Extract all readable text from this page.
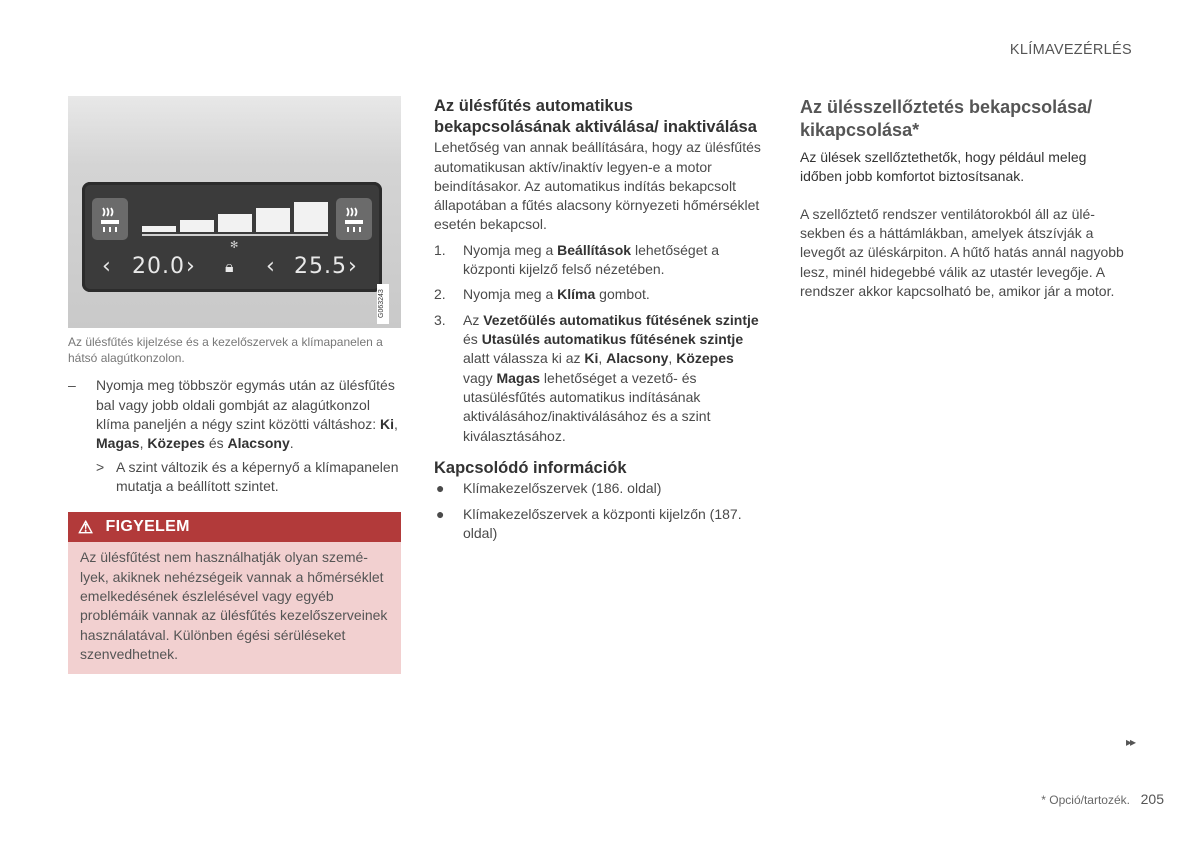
KLÍMAVEZÉRLÉS
✻
‹ 20.0 › 🔒︎ ‹ 25.5 ›
G063243
Az ülésfűtés kijelzése és a kezelőszervek a klímapanelen a hátsó alagútkonzolon.
– Nyomja meg többször egymás után az ülésfűtés bal vagy jobb oldali gombját az alagútkonzol klíma paneljén a négy szint közötti váltáshoz: Ki, Magas, Közepes és Alacsony.
> A szint változik és a képernyő a klímapanelen mutatja a beállított szintet.
⚠ FIGYELEM
Az ülésfűtést nem használhatják olyan személyek, akiknek nehézségeik vannak a hőmérséklet emelkedésének észlelésével vagy egyéb problémáik vannak az ülésfűtés kezelőszerveinek használatával. Különben égési sérüléseket szenvedhetnek.
Az ülésfűtés automatikus bekapcsolásának aktiválása/ inaktiválása

Lehetőség van annak beállítására, hogy az ülésfűtés automatikusan aktív/inaktív legyen-e a motor beindításakor. Az automatikus indítás bekapcsolt állapotában a fűtés alacsony környezeti hőmérséklet esetén bekapcsol.

1. Nyomja meg a Beállítások lehetőséget a központi kijelző felső nézetében.
2. Nyomja meg a Klíma gombot.
3. Az Vezetőülés automatikus fűtésének szintje és Utasülés automatikus fűtésének szintje alatt válassza ki az Ki, Alacsony, Közepes vagy Magas lehetőséget a vezető- és utasülésfűtés automatikus indításának aktiválásához/inaktiválásához és a szint kiválasztásához.
Kapcsolódó információk
● Klímakezelőszervek (186. oldal)
● Klímakezelőszervek a központi kijelzőn (187. oldal)
Az ülésszellőztetés bekapcsolása/ kikapcsolása*

Az ülések szellőztethetők, hogy például meleg időben jobb komfortot biztosítsanak.

A szellőztető rendszer ventilátorokból áll az ülésekben és a háttámlákban, amelyek átszívják a levegőt az üléskárpiton. A hűtő hatás annál nagyobb lesz, minél hidegebbé válik az utastér levegője. A rendszer akkor kapcsolható be, amikor jár a motor.

▸▸
* Opció/tartozék. 205
